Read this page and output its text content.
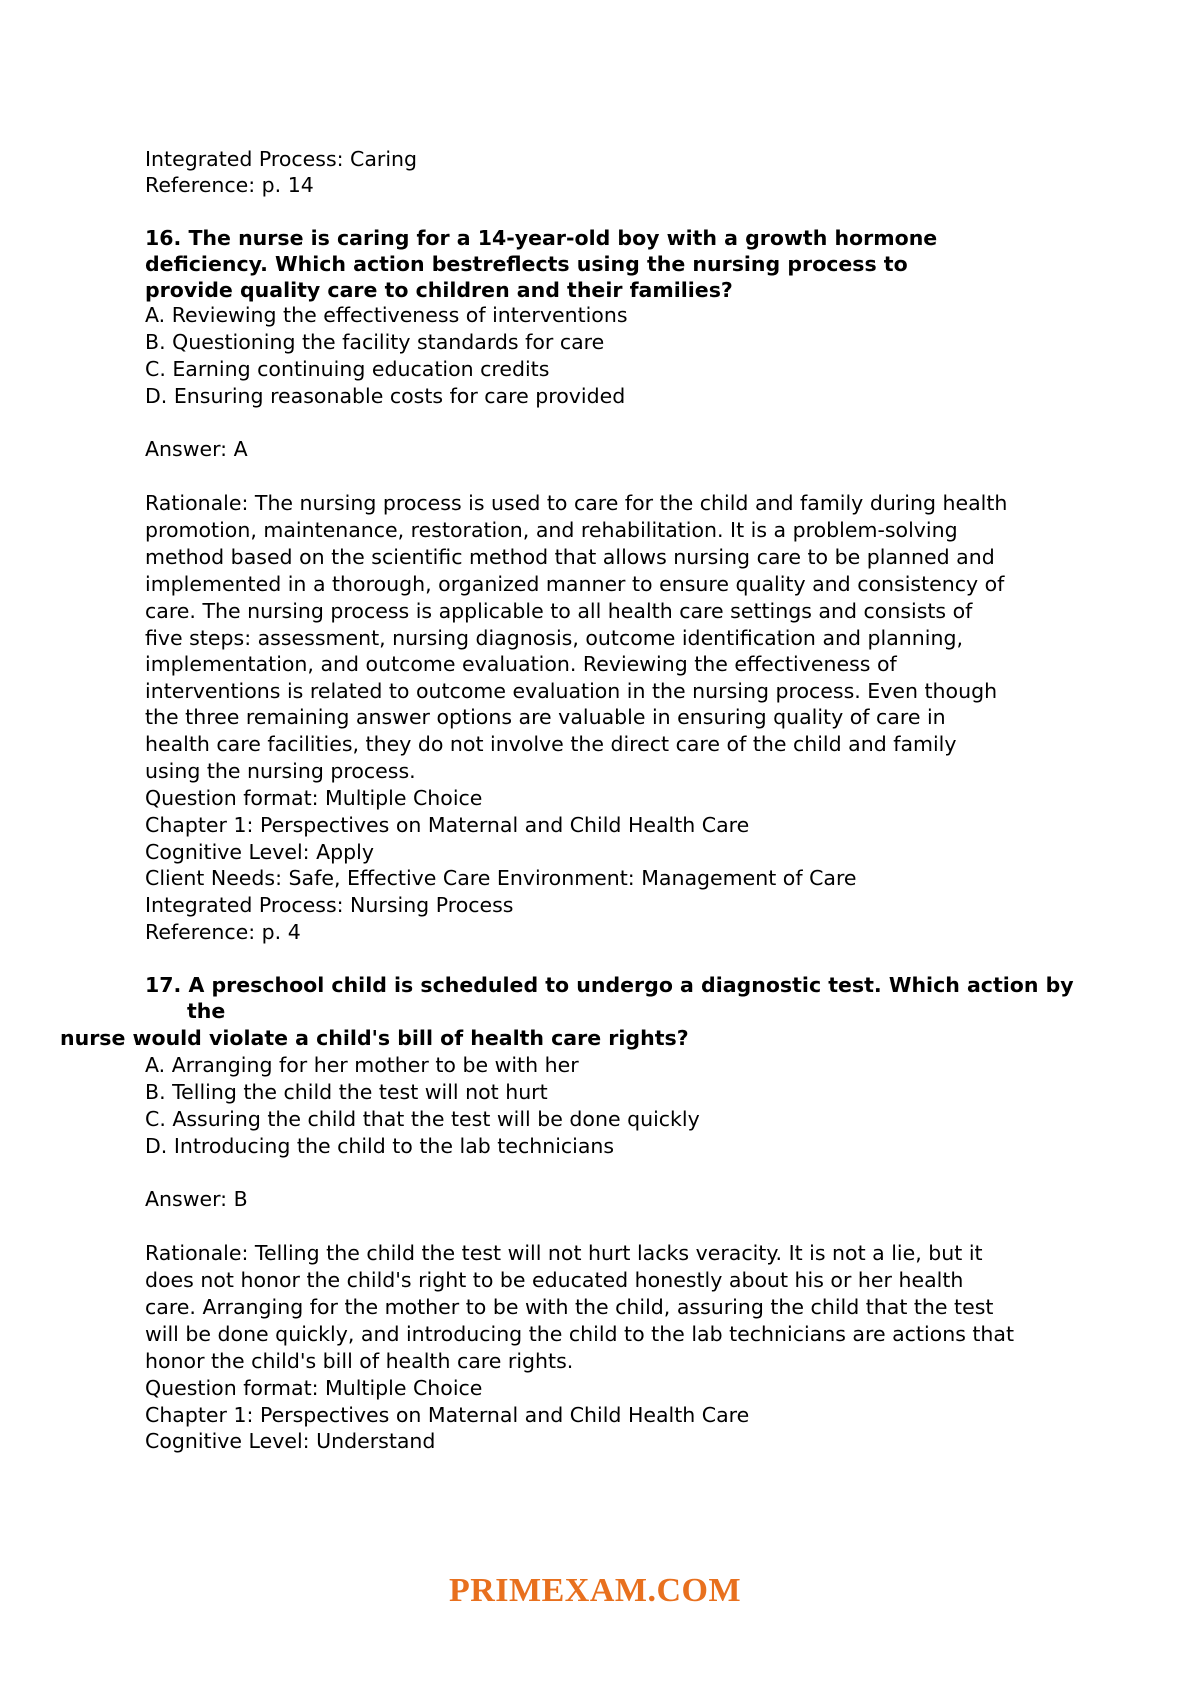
Integrated Process: Caring
Reference: p. 14
16. The nurse is caring for a 14-year-old boy with a growth hormone
deficiency. Which action bestreflects using the nursing process to
provide quality care to children and their families?
A. Reviewing the effectiveness of interventions
B. Questioning the facility standards for care
C. Earning continuing education credits
D. Ensuring reasonable costs for care provided
Answer: A
Rationale: The nursing process is used to care for the child and family during health
promotion, maintenance, restoration, and rehabilitation. It is a problem-solving
method based on the scientific method that allows nursing care to be planned and
implemented in a thorough, organized manner to ensure quality and consistency of
care. The nursing process is applicable to all health care settings and consists of
five steps: assessment, nursing diagnosis, outcome identification and planning,
implementation, and outcome evaluation. Reviewing the effectiveness of
interventions is related to outcome evaluation in the nursing process. Even though
the three remaining answer options are valuable in ensuring quality of care in
health care facilities, they do not involve the direct care of the child and family
using the nursing process.
Question format: Multiple Choice
Chapter 1: Perspectives on Maternal and Child Health Care
Cognitive Level: Apply
Client Needs: Safe, Effective Care Environment: Management of Care
Integrated Process: Nursing Process
Reference: p. 4
17. A preschool child is scheduled to undergo a diagnostic test. Which action by
the
nurse would violate a child's bill of health care rights?
A. Arranging for her mother to be with her
B. Telling the child the test will not hurt
C. Assuring the child that the test will be done quickly
D. Introducing the child to the lab technicians
Answer: B
Rationale: Telling the child the test will not hurt lacks veracity. It is not a lie, but it
does not honor the child's right to be educated honestly about his or her health
care. Arranging for the mother to be with the child, assuring the child that the test
will be done quickly, and introducing the child to the lab technicians are actions that
honor the child's bill of health care rights.
Question format: Multiple Choice
Chapter 1: Perspectives on Maternal and Child Health Care
Cognitive Level: Understand
PRIMEXAM.COM
